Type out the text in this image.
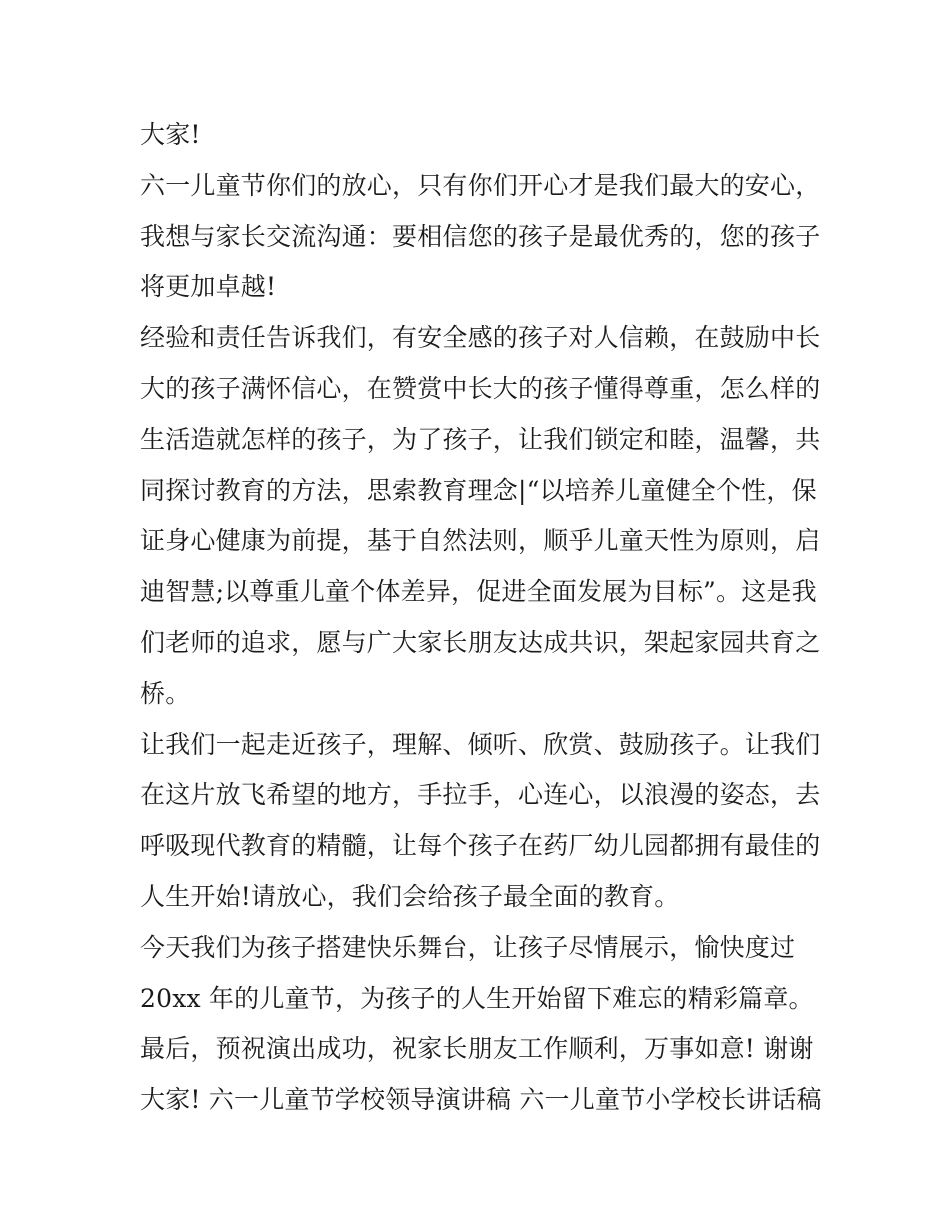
大家!
六一儿童节你们的放心，只有你们开心才是我们最大的安心，
我想与家长交流沟通：要相信您的孩子是最优秀的，您的孩子
将更加卓越!
经验和责任告诉我们，有安全感的孩子对人信赖，在鼓励中长
大的孩子满怀信心，在赞赏中长大的孩子懂得尊重，怎么样的
生活造就怎样的孩子，为了孩子，让我们锁定和睦，温馨，共
同探讨教育的方法，思索教育理念|“以培养儿童健全个性，保
证身心健康为前提，基于自然法则，顺乎儿童天性为原则，启
迪智慧;以尊重儿童个体差异，促进全面发展为目标”。这是我
们老师的追求，愿与广大家长朋友达成共识，架起家园共育之
桥。
让我们一起走近孩子，理解、倾听、欣赏、鼓励孩子。让我们
在这片放飞希望的地方，手拉手，心连心，以浪漫的姿态，去
呼吸现代教育的精髓，让每个孩子在药厂幼儿园都拥有最佳的
人生开始!请放心，我们会给孩子最全面的教育。
今天我们为孩子搭建快乐舞台，让孩子尽情展示，愉快度过
20xx 年的儿童节，为孩子的人生开始留下难忘的精彩篇章。
最后，预祝演出成功，祝家长朋友工作顺利，万事如意! 谢谢
大家! 六一儿童节学校领导演讲稿 六一儿童节小学校长讲话稿
